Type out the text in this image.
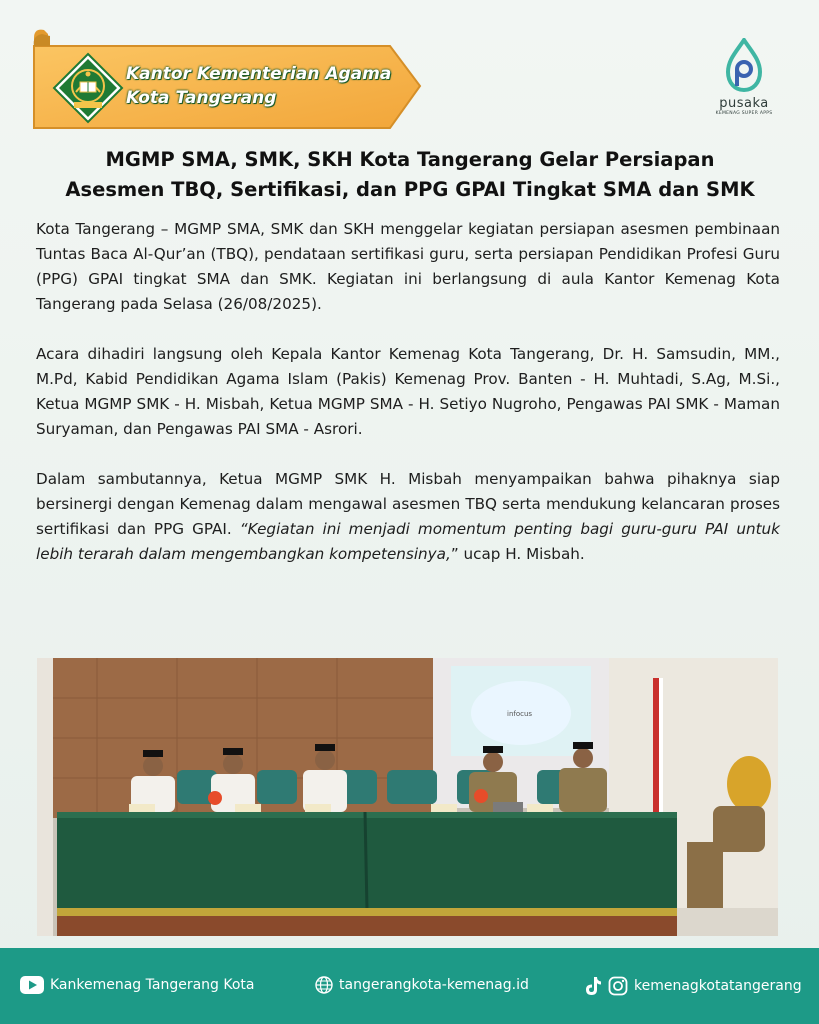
Kantor Kementerian Agama
Kota Tangerang	pusaka
KEMENAG SUPER APPS
MGMP SMA, SMK, SKH Kota Tangerang Gelar Persiapan
Asesmen TBQ, Sertifikasi, dan PPG GPAI Tingkat SMA dan SMK

Kota Tangerang – MGMP SMA, SMK dan SKH menggelar kegiatan persiapan asesmen pembinaan Tuntas Baca Al-Qur’an (TBQ), pendataan sertifikasi guru, serta persiapan Pendidikan Profesi Guru (PPG) GPAI tingkat SMA dan SMK. Kegiatan ini berlangsung di aula Kantor Kemenag Kota Tangerang pada Selasa (26/08/2025).

Acara dihadiri langsung oleh Kepala Kantor Kemenag Kota Tangerang, Dr. H. Samsudin, MM., M.Pd, Kabid Pendidikan Agama Islam (Pakis) Kemenag Prov. Banten - H. Muhtadi, S.Ag, M.Si., Ketua MGMP SMK - H. Misbah, Ketua MGMP SMA - H. Setiyo Nugroho, Pengawas PAI SMK - Maman Suryaman, dan Pengawas PAI SMA - Asrori.

Dalam sambutannya, Ketua MGMP SMK H. Misbah menyampaikan bahwa pihaknya siap bersinergi dengan Kemenag dalam mengawal asesmen TBQ serta mendukung kelancaran proses sertifikasi dan PPG GPAI. “Kegiatan ini menjadi momentum penting bagi guru-guru PAI untuk lebih terarah dalam mengembangkan kompetensinya,” ucap H. Misbah.

infocus
Kankemenag Tangerang Kota	tangerangkota-kemenag.id	kemenagkotatangerang
